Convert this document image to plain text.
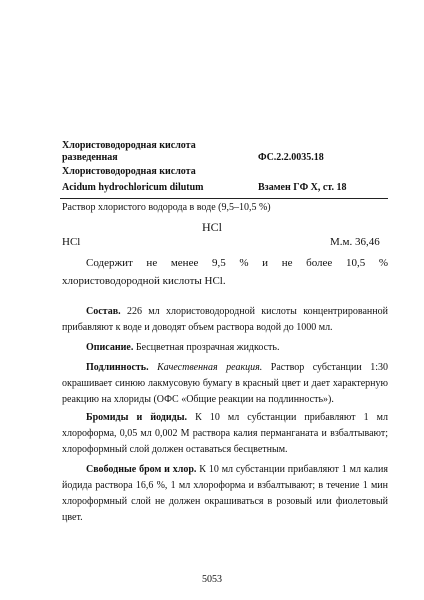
Хлористоводородная кислота
разведенная	ФС.2.2.0035.18
Хлористоводородная кислота
Acidum hydrochloricum dilutum	Взамен ГФ X, ст. 18
Раствор хлористого водорода в воде (9,5–10,5 %)
HCl
HCl	М.м. 36,46
Содержит не менее 9,5 % и не более 10,5 % хлористоводородной кислоты HCl.
Состав. 226 мл хлористоводородной кислоты концентрированной прибавляют к воде и доводят объем раствора водой до 1000 мл.
Описание. Бесцветная прозрачная жидкость.
Подлинность. Качественная реакция. Раствор субстанции 1:30 окрашивает синюю лакмусовую бумагу в красный цвет и дает характерную реакцию на хлориды (ОФС «Общие реакции на подлинность»).
Бромиды и йодиды. К 10 мл субстанции прибавляют 1 мл хлороформа, 0,05 мл 0,002 М раствора калия перманганата и взбалтывают; хлороформный слой должен оставаться бесцветным.
Свободные бром и хлор. К 10 мл субстанции прибавляют 1 мл калия йодида раствора 16,6 %, 1 мл хлороформа и взбалтывают; в течение 1 мин хлороформный слой не должен окрашиваться в розовый или фиолетовый цвет.
5053
